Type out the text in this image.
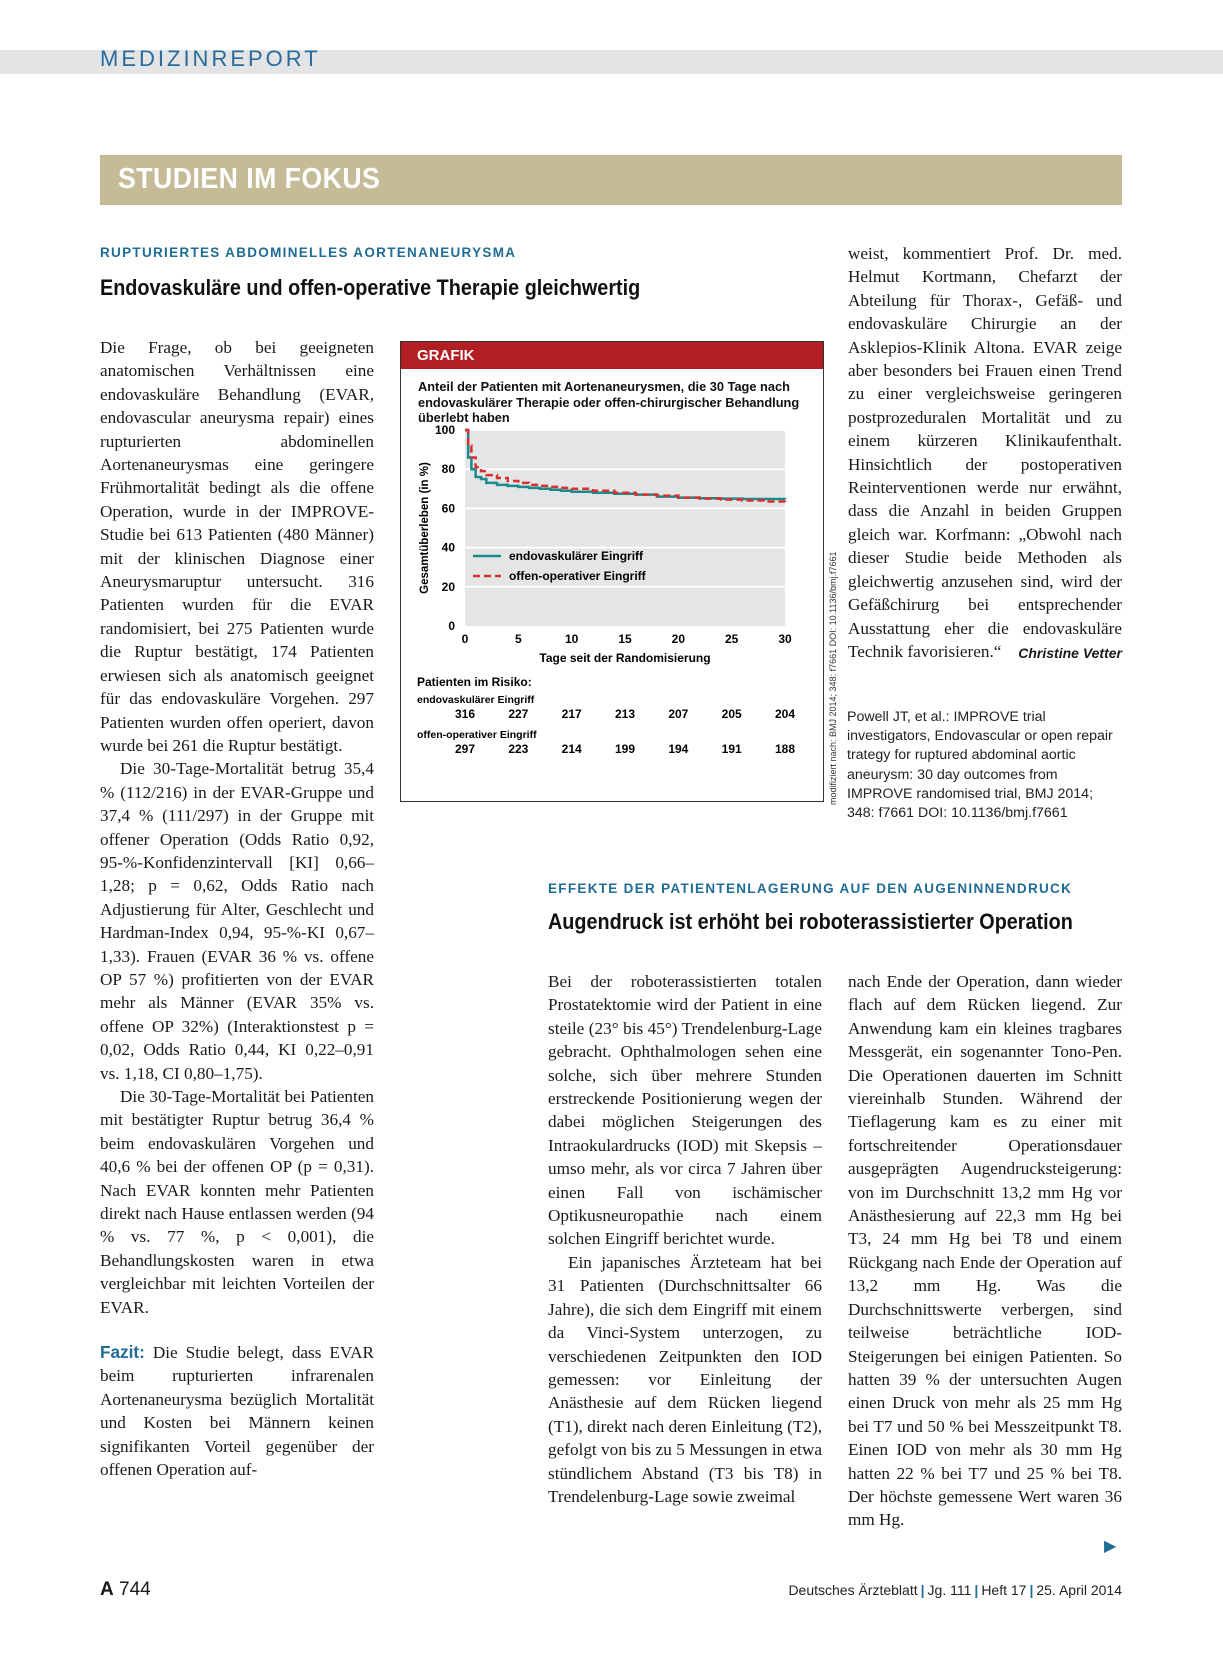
MEDIZINREPORT
STUDIEN IM FOKUS
RUPTURIERTES ABDOMINELLES AORTENANEURYSMA
Endovaskuläre und offen-operative Therapie gleichwertig

Die Frage, ob bei geeigneten anatomischen Verhältnissen eine endovaskuläre Behandlung (EVAR, endovascular aneurysma repair) eines rupturierten abdominellen Aortenaneurysmas eine geringere Frühmortalität bedingt als die offene Operation, wurde in der IMPROVE-Studie bei 613 Patienten (480 Männer) mit der klinischen Diagnose einer Aneurysmaruptur untersucht. 316 Patienten wurden für die EVAR randomisiert, bei 275 Patienten wurde die Ruptur bestätigt, 174 Patienten erwiesen sich als anatomisch geeignet für das endovaskuläre Vorgehen. 297 Patienten wurden offen operiert, davon wurde bei 261 die Ruptur bestätigt.

Die 30-Tage-Mortalität betrug 35,4 % (112/216) in der EVAR-Gruppe und 37,4 % (111/297) in der Gruppe mit offener Operation (Odds Ratio 0,92, 95-%-Konfidenzintervall [KI] 0,66–1,28; p = 0,62, Odds Ratio nach Adjustierung für Alter, Geschlecht und Hardman-Index 0,94, 95-%-KI 0,67–1,33). Frauen (EVAR 36 % vs. offene OP 57 %) profitierten von der EVAR mehr als Männer (EVAR 35% vs. offene OP 32%) (Interaktionstest p = 0,02, Odds Ratio 0,44, KI 0,22–0,91 vs. 1,18, CI 0,80–1,75).

Die 30-Tage-Mortalität bei Patienten mit bestätigter Ruptur betrug 36,4 % beim endovaskulären Vorgehen und 40,6 % bei der offenen OP (p = 0,31). Nach EVAR konnten mehr Patienten direkt nach Hause entlassen werden (94 % vs. 77 %, p < 0,001), die Behandlungskosten waren in etwa vergleichbar mit leichten Vorteilen der EVAR.

Fazit: Die Studie belegt, dass EVAR beim rupturierten infrarenalen Aortenaneurysma bezüglich Mortalität und Kosten bei Männern keinen signifikanten Vorteil gegenüber der offenen Operation auf-

weist, kommentiert Prof. Dr. med. Helmut Kortmann, Chefarzt der Abteilung für Thorax-, Gefäß- und endovaskuläre Chirurgie an der Asklepios-Klinik Altona. EVAR zeige aber besonders bei Frauen einen Trend zu einer vergleichsweise geringeren postprozeduralen Mortalität und zu einem kürzeren Klinikaufenthalt. Hinsichtlich der postoperativen Reinterventionen werde nur erwähnt, dass die Anzahl in beiden Gruppen gleich war. Korfmann: „Obwohl nach dieser Studie beide Methoden als gleichwertig anzusehen sind, wird der Gefäßchirurg bei entsprechender Ausstattung eher die endovaskuläre Technik favorisieren.“ Christine Vetter

GRAFIK
Anteil der Patienten mit Aortenaneurysmen, die 30 Tage nach endovaskulärer Therapie oder offen-chirurgischer Behandlung überlebt haben
0
20
40
60
80
100
0	5	10	15	20	25	30
Tage seit der Randomisierung
Gesamtüberleben (in %)	endovaskulärer Eingriff
offen-operativer Eingriff
Patienten im Risiko:
endovaskulärer Eingriff
316	227	217	213	207	205	204
offen-operativer Eingriff
297	223	214	199	194	191	188	modifiziert nach: BMJ 2014; 348: f7661 DOI: 10.1136/bmj.f7661 Powell JT, et al.: IMPROVE trial investigators, Endovascular or open repair trategy for ruptured abdominal aortic aneurysm: 30 day outcomes from IMPROVE randomised trial, BMJ 2014; 348: f7661 DOI: 10.1136/bmj.f7661
EFFEKTE DER PATIENTENLAGERUNG AUF DEN AUGENINNENDRUCK
Augendruck ist erhöht bei roboterassistierter Operation

Bei der roboterassistierten totalen Prostatektomie wird der Patient in eine steile (23° bis 45°) Trendelenburg-Lage gebracht. Ophthalmologen sehen eine solche, sich über mehrere Stunden erstreckende Positionierung wegen der dabei möglichen Steigerungen des Intraokulardrucks (IOD) mit Skepsis – umso mehr, als vor circa 7 Jahren über einen Fall von ischämischer Optikusneuropathie nach einem solchen Eingriff berichtet wurde.

Ein japanisches Ärzteteam hat bei 31 Patienten (Durchschnittsalter 66 Jahre), die sich dem Eingriff mit einem da Vinci-System unterzogen, zu verschiedenen Zeitpunkten den IOD gemessen: vor Einleitung der Anästhesie auf dem Rücken liegend (T1), direkt nach deren Einleitung (T2), gefolgt von bis zu 5 Messungen in etwa stündlichem Abstand (T3 bis T8) in Trendelenburg-Lage sowie zweimal

nach Ende der Operation, dann wieder flach auf dem Rücken liegend. Zur Anwendung kam ein kleines tragbares Messgerät, ein sogenannter Tono-Pen. Die Operationen dauerten im Schnitt viereinhalb Stunden. Während der Tieflagerung kam es zu einer mit fortschreitender Operationsdauer ausgeprägten Augendrucksteigerung: von im Durchschnitt 13,2 mm Hg vor Anästhesierung auf 22,3 mm Hg bei T3, 24 mm Hg bei T8 und einem Rückgang nach Ende der Operation auf 13,2 mm Hg. Was die Durchschnittswerte verbergen, sind teilweise beträchtliche IOD-Steigerungen bei einigen Patienten. So hatten 39 % der untersuchten Augen einen Druck von mehr als 25 mm Hg bei T7 und 50 % bei Messzeitpunkt T8. Einen IOD von mehr als 30 mm Hg hatten 22 % bei T7 und 25 % bei T8. Der höchste gemessene Wert waren 36 mm Hg.

▶
A 744	Deutsches Ärzteblatt | Jg. 111 | Heft 17 | 25. April 2014
